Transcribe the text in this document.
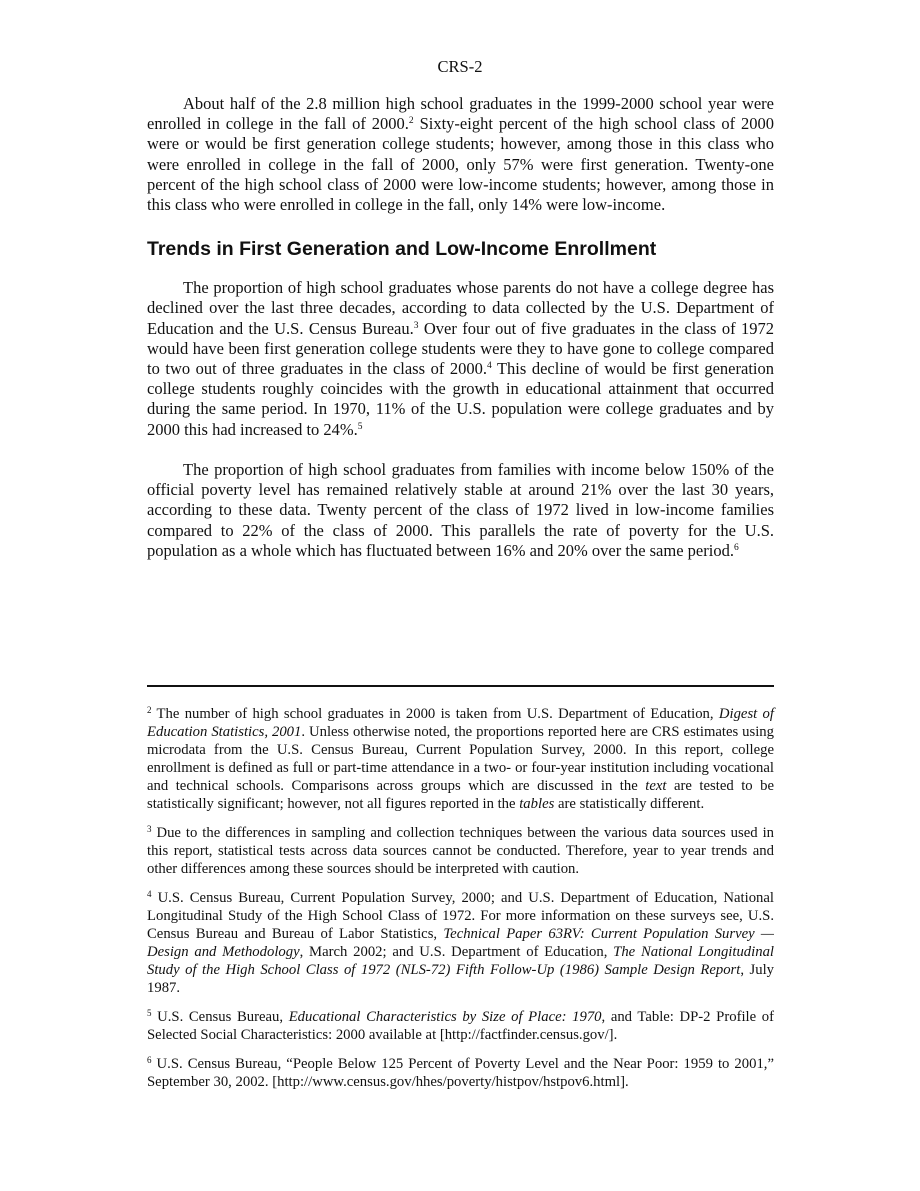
CRS-2

About half of the 2.8 million high school graduates in the 1999-2000 school year were enrolled in college in the fall of 2000.$^2$ Sixty-eight percent of the high school class of 2000 were or would be first generation college students; however, among those in this class who were enrolled in college in the fall of 2000, only 57% were first generation. Twenty-one percent of the high school class of 2000 were low-income students; however, among those in this class who were enrolled in college in the fall, only 14% were low-income.

Trends in First Generation and Low-Income Enrollment

The proportion of high school graduates whose parents do not have a college degree has declined over the last three decades, according to data collected by the U.S. Department of Education and the U.S. Census Bureau.$^3$ Over four out of five graduates in the class of 1972 would have been first generation college students were they to have gone to college compared to two out of three graduates in the class of 2000.$^4$ This decline of would be first generation college students roughly coincides with the growth in educational attainment that occurred during the same period. In 1970, 11% of the U.S. population were college graduates and by 2000 this had increased to 24%.$^5$

The proportion of high school graduates from families with income below 150% of the official poverty level has remained relatively stable at around 21% over the last 30 years, according to these data. Twenty percent of the class of 1972 lived in low-income families compared to 22% of the class of 2000. This parallels the rate of poverty for the U.S. population as a whole which has fluctuated between 16% and 20% over the same period.$^6$

$^2$ The number of high school graduates in 2000 is taken from U.S. Department of Education, Digest of Education Statistics, 2001. Unless otherwise noted, the proportions reported here are CRS estimates using microdata from the U.S. Census Bureau, Current Population Survey, 2000. In this report, college enrollment is defined as full or part-time attendance in a two- or four-year institution including vocational and technical schools. Comparisons across groups which are discussed in the text are tested to be statistically significant; however, not all figures reported in the tables are statistically different.

$^3$ Due to the differences in sampling and collection techniques between the various data sources used in this report, statistical tests across data sources cannot be conducted. Therefore, year to year trends and other differences among these sources should be interpreted with caution.

$^4$ U.S. Census Bureau, Current Population Survey, 2000; and U.S. Department of Education, National Longitudinal Study of the High School Class of 1972. For more information on these surveys see, U.S. Census Bureau and Bureau of Labor Statistics, Technical Paper 63RV: Current Population Survey — Design and Methodology, March 2002; and U.S. Department of Education, The National Longitudinal Study of the High School Class of 1972 (NLS-72) Fifth Follow-Up (1986) Sample Design Report, July 1987.

$^5$ U.S. Census Bureau, Educational Characteristics by Size of Place: 1970, and Table: DP-2 Profile of Selected Social Characteristics: 2000 available at [http://factfinder.census.gov/].

$^6$ U.S. Census Bureau, “People Below 125 Percent of Poverty Level and the Near Poor: 1959 to 2001,” September 30, 2002. [http://www.census.gov/hhes/poverty/histpov/hstpov6.html].
